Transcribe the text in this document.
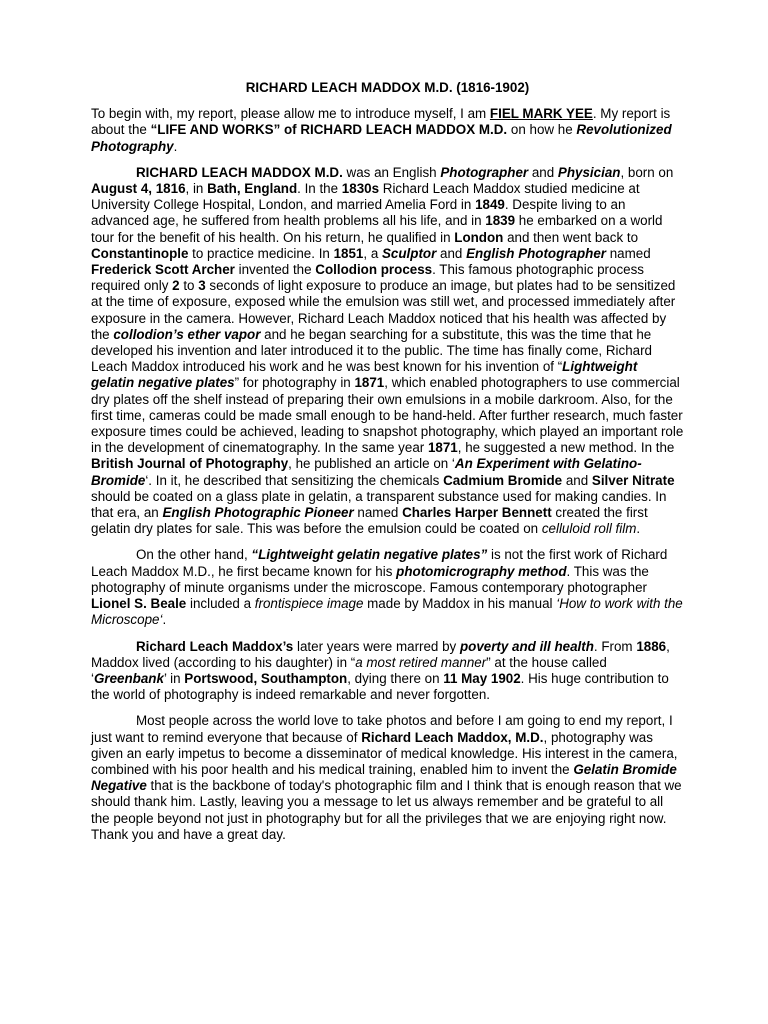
RICHARD LEACH MADDOX M.D. (1816-1902)

To begin with, my report, please allow me to introduce myself, I am FIEL MARK YEE. My report is about the “LIFE AND WORKS” of RICHARD LEACH MADDOX M.D. on how he Revolutionized Photography.

RICHARD LEACH MADDOX M.D. was an English Photographer and Physician, born on August 4, 1816, in Bath, England. In the 1830s Richard Leach Maddox studied medicine at University College Hospital, London, and married Amelia Ford in 1849. Despite living to an advanced age, he suffered from health problems all his life, and in 1839 he embarked on a world tour for the benefit of his health. On his return, he qualified in London and then went back to Constantinople to practice medicine. In 1851, a Sculptor and English Photographer named Frederick Scott Archer invented the Collodion process. This famous photographic process required only 2 to 3 seconds of light exposure to produce an image, but plates had to be sensitized at the time of exposure, exposed while the emulsion was still wet, and processed immediately after exposure in the camera. However, Richard Leach Maddox noticed that his health was affected by the collodion’s ether vapor and he began searching for a substitute, this was the time that he developed his invention and later introduced it to the public. The time has finally come, Richard Leach Maddox introduced his work and he was best known for his invention of “Lightweight gelatin negative plates” for photography in 1871, which enabled photographers to use commercial dry plates off the shelf instead of preparing their own emulsions in a mobile darkroom. Also, for the first time, cameras could be made small enough to be hand-held. After further research, much faster exposure times could be achieved, leading to snapshot photography, which played an important role in the development of cinematography. In the same year 1871, he suggested a new method. In the British Journal of Photography, he published an article on ‘An Experiment with Gelatino-Bromide‘. In it, he described that sensitizing the chemicals Cadmium Bromide and Silver Nitrate should be coated on a glass plate in gelatin, a transparent substance used for making candies. In that era, an English Photographic Pioneer named Charles Harper Bennett created the first gelatin dry plates for sale. This was before the emulsion could be coated on celluloid roll film.

On the other hand, “Lightweight gelatin negative plates” is not the first work of Richard Leach Maddox M.D., he first became known for his photomicrography method. This was the photography of minute organisms under the microscope. Famous contemporary photographer Lionel S. Beale included a frontispiece image made by Maddox in his manual ‘How to work with the Microscope‘.

Richard Leach Maddox’s later years were marred by poverty and ill health. From 1886, Maddox lived (according to his daughter) in “a most retired manner” at the house called ‘Greenbank’ in Portswood, Southampton, dying there on 11 May 1902. His huge contribution to the world of photography is indeed remarkable and never forgotten.

Most people across the world love to take photos and before I am going to end my report, I just want to remind everyone that because of Richard Leach Maddox, M.D., photography was given an early impetus to become a disseminator of medical knowledge. His interest in the camera, combined with his poor health and his medical training, enabled him to invent the Gelatin Bromide Negative that is the backbone of today's photographic film and I think that is enough reason that we should thank him. Lastly, leaving you a message to let us always remember and be grateful to all the people beyond not just in photography but for all the privileges that we are enjoying right now. Thank you and have a great day.
